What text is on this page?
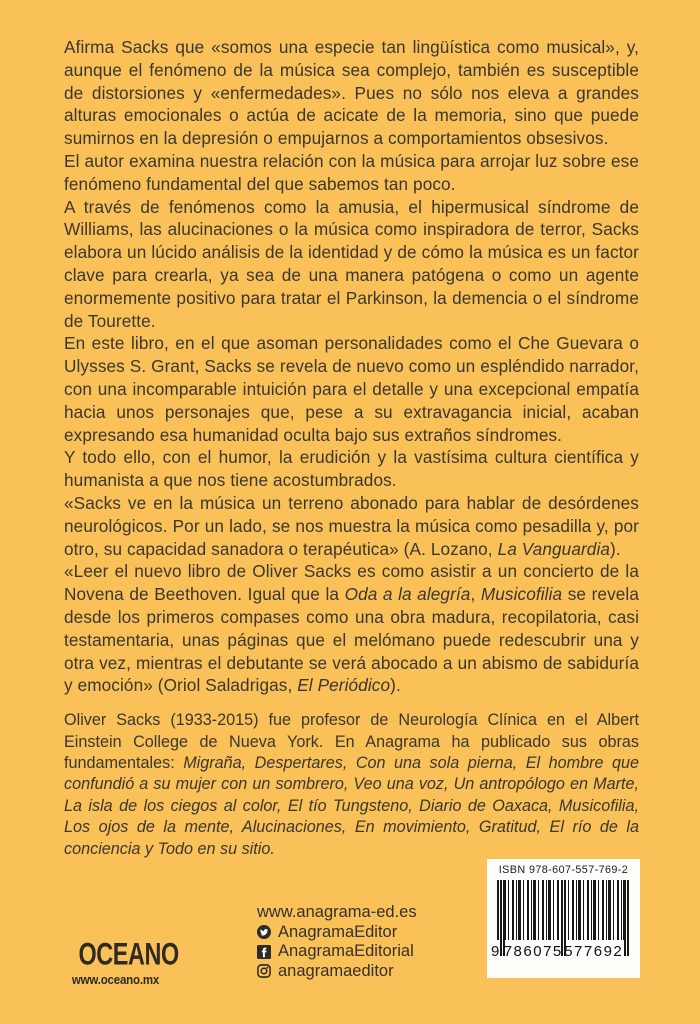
Afirma Sacks que «somos una especie tan lingüística como musical», y, aunque el fenómeno de la música sea complejo, también es susceptible de distorsiones y «enfermedades». Pues no sólo nos eleva a grandes alturas emocionales o actúa de acicate de la memoria, sino que puede sumirnos en la depresión o empujarnos a comportamientos obsesivos.

El autor examina nuestra relación con la música para arrojar luz sobre ese fenómeno fundamental del que sabemos tan poco.

A través de fenómenos como la amusia, el hipermusical síndrome de Williams, las alucinaciones o la música como inspiradora de terror, Sacks elabora un lúcido análisis de la identidad y de cómo la música es un factor clave para crearla, ya sea de una manera patógena o como un agente enormemente positivo para tratar el Parkinson, la demencia o el síndrome de Tourette.

En este libro, en el que asoman personalidades como el Che Guevara o Ulysses S. Grant, Sacks se revela de nuevo como un espléndido narrador, con una incomparable intuición para el detalle y una excepcional empatía hacia unos personajes que, pese a su extravagancia inicial, acaban expresando esa humanidad oculta bajo sus extraños síndromes.

Y todo ello, con el humor, la erudición y la vastísima cultura científica y humanista a que nos tiene acostumbrados.

«Sacks ve en la música un terreno abonado para hablar de desórdenes neurológicos. Por un lado, se nos muestra la música como pesadilla y, por otro, su capacidad sanadora o terapéutica» (A. Lozano, La Vanguardia).

«Leer el nuevo libro de Oliver Sacks es como asistir a un concierto de la Novena de Beethoven. Igual que la Oda a la alegría, Musicofilia se revela desde los primeros compases como una obra madura, recopilatoria, casi testamentaria, unas páginas que el melómano puede redescubrir una y otra vez, mientras el debutante se verá abocado a un abismo de sabiduría y emoción» (Oriol Saladrigas, El Periódico).

Oliver Sacks (1933-2015) fue profesor de Neurología Clínica en el Albert Einstein College de Nueva York. En Anagrama ha publicado sus obras fundamentales: Migraña, Despertares, Con una sola pierna, El hombre que confundió a su mujer con un sombrero, Veo una voz, Un antropólogo en Marte, La isla de los ciegos al color, El tío Tungsteno, Diario de Oaxaca, Musicofilia, Los ojos de la mente, Alucinaciones, En movimiento, Gratitud, El río de la conciencia y Todo en su sitio.

OCEANO
www.oceano.mx
www.anagrama-ed.es
AnagramaEditor
AnagramaEditorial
anagramaeditor
ISBN 978-607-557-769-2
9 786075 577692
